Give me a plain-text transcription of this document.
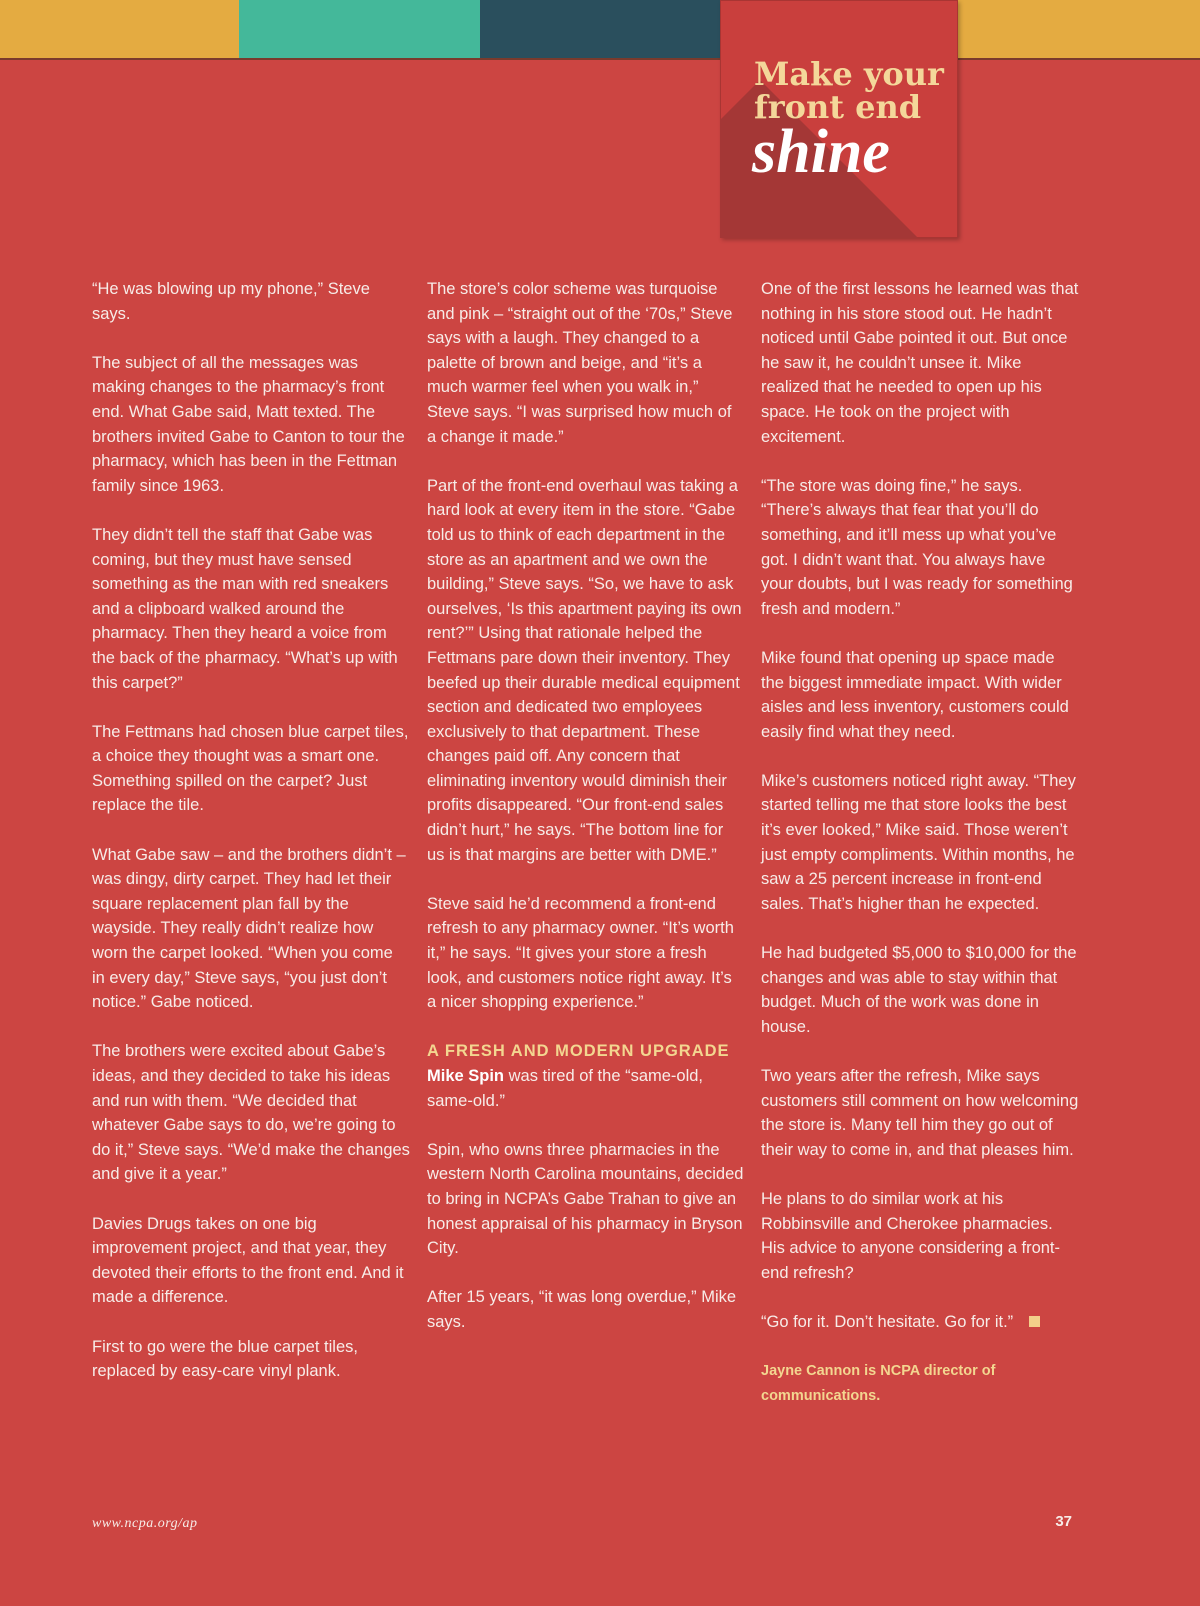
Make your
front end
shine

“He was blowing up my phone,” Steve says.

The subject of all the messages was making changes to the pharmacy’s front end. What Gabe said, Matt texted. The brothers invited Gabe to Canton to tour the pharmacy, which has been in the Fettman family since 1963.

They didn’t tell the staff that Gabe was coming, but they must have sensed something as the man with red sneakers and a clipboard walked around the pharmacy. Then they heard a voice from the back of the pharmacy. “What’s up with this carpet?”

The Fettmans had chosen blue carpet tiles, a choice they thought was a smart one. Something spilled on the carpet? Just replace the tile.

What Gabe saw – and the brothers didn’t – was dingy, dirty carpet. They had let their square replacement plan fall by the wayside. They really didn’t realize how worn the carpet looked. “When you come in every day,” Steve says, “you just don’t notice.” Gabe noticed.

The brothers were excited about Gabe’s ideas, and they decided to take his ideas and run with them. “We decided that whatever Gabe says to do, we’re going to do it,” Steve says. “We’d make the changes and give it a year.”

Davies Drugs takes on one big improvement project, and that year, they devoted their efforts to the front end. And it made a difference.

First to go were the blue carpet tiles, replaced by easy-care vinyl plank.

The store’s color scheme was turquoise and pink – “straight out of the ‘70s,” Steve says with a laugh. They changed to a palette of brown and beige, and “it’s a much warmer feel when you walk in,” Steve says. “I was surprised how much of a change it made.”

Part of the front-end overhaul was taking a hard look at every item in the store. “Gabe told us to think of each department in the store as an apartment and we own the building,” Steve says. “So, we have to ask ourselves, ‘Is this apartment paying its own rent?’” Using that rationale helped the Fettmans pare down their inventory. They beefed up their durable medical equipment section and dedicated two employees exclusively to that department. These changes paid off. Any concern that eliminating inventory would diminish their profits disappeared. “Our front-end sales didn’t hurt,” he says. “The bottom line for us is that margins are better with DME.”

Steve said he’d recommend a front-end refresh to any pharmacy owner. “It’s worth it,” he says. “It gives your store a fresh look, and customers notice right away. It’s a nicer shopping experience.”

A FRESH AND MODERN UPGRADE

Mike Spin was tired of the “same-old, same-old.”

Spin, who owns three pharmacies in the western North Carolina mountains, decided to bring in NCPA’s Gabe Trahan to give an honest appraisal of his pharmacy in Bryson City.

After 15 years, “it was long overdue,” Mike says.

One of the first lessons he learned was that nothing in his store stood out. He hadn’t noticed until Gabe pointed it out. But once he saw it, he couldn’t unsee it. Mike realized that he needed to open up his space. He took on the project with excitement.

“The store was doing fine,” he says. “There’s always that fear that you’ll do something, and it’ll mess up what you’ve got. I didn’t want that. You always have your doubts, but I was ready for something fresh and modern.”

Mike found that opening up space made the biggest immediate impact. With wider aisles and less inventory, customers could easily find what they need.

Mike’s customers noticed right away. “They started telling me that store looks the best it’s ever looked,” Mike said. Those weren’t just empty compliments. Within months, he saw a 25 percent increase in front-end sales. That’s higher than he expected.

He had budgeted $5,000 to $10,000 for the changes and was able to stay within that budget. Much of the work was done in house.

Two years after the refresh, Mike says customers still comment on how welcoming the store is. Many tell him they go out of their way to come in, and that pleases him.

He plans to do similar work at his Robbinsville and Cherokee pharmacies. His advice to anyone considering a front-end refresh?

“Go for it. Don’t hesitate. Go for it.”

Jayne Cannon is NCPA director of communications.

www.ncpa.org/ap	37
